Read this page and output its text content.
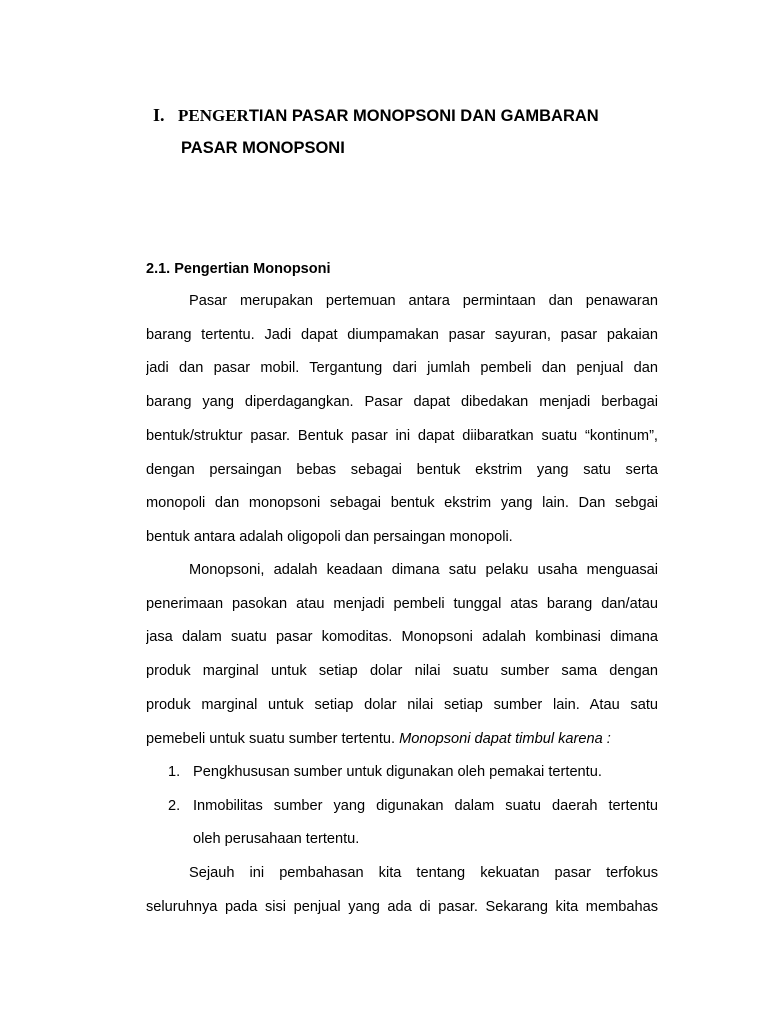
I. PENGERTIAN PASAR MONOPSONI DAN GAMBARAN
PASAR MONOPSONI
2.1. Pengertian Monopsoni
Pasar merupakan pertemuan antara permintaan dan penawaran
barang tertentu. Jadi dapat diumpamakan pasar sayuran, pasar pakaian
jadi dan pasar mobil. Tergantung dari jumlah pembeli dan penjual dan
barang yang diperdagangkan. Pasar dapat dibedakan menjadi berbagai
bentuk/struktur pasar. Bentuk pasar ini dapat diibaratkan suatu “kontinum”,
dengan persaingan bebas sebagai bentuk ekstrim yang satu serta
monopoli dan monopsoni sebagai bentuk ekstrim yang lain. Dan sebgai
bentuk antara adalah oligopoli dan persaingan monopoli.
Monopsoni, adalah keadaan dimana satu pelaku usaha menguasai
penerimaan pasokan atau menjadi pembeli tunggal atas barang dan/atau
jasa dalam suatu pasar komoditas. Monopsoni adalah kombinasi dimana
produk marginal untuk setiap dolar nilai suatu sumber sama dengan
produk marginal untuk setiap dolar nilai setiap sumber lain. Atau satu
pemebeli untuk suatu sumber tertentu. Monopsoni dapat timbul karena :
1. Pengkhususan sumber untuk digunakan oleh pemakai tertentu.
2. Inmobilitas sumber yang digunakan dalam suatu daerah tertentu
oleh perusahaan tertentu.
Sejauh ini pembahasan kita tentang kekuatan pasar terfokus
seluruhnya pada sisi penjual yang ada di pasar. Sekarang kita membahas
